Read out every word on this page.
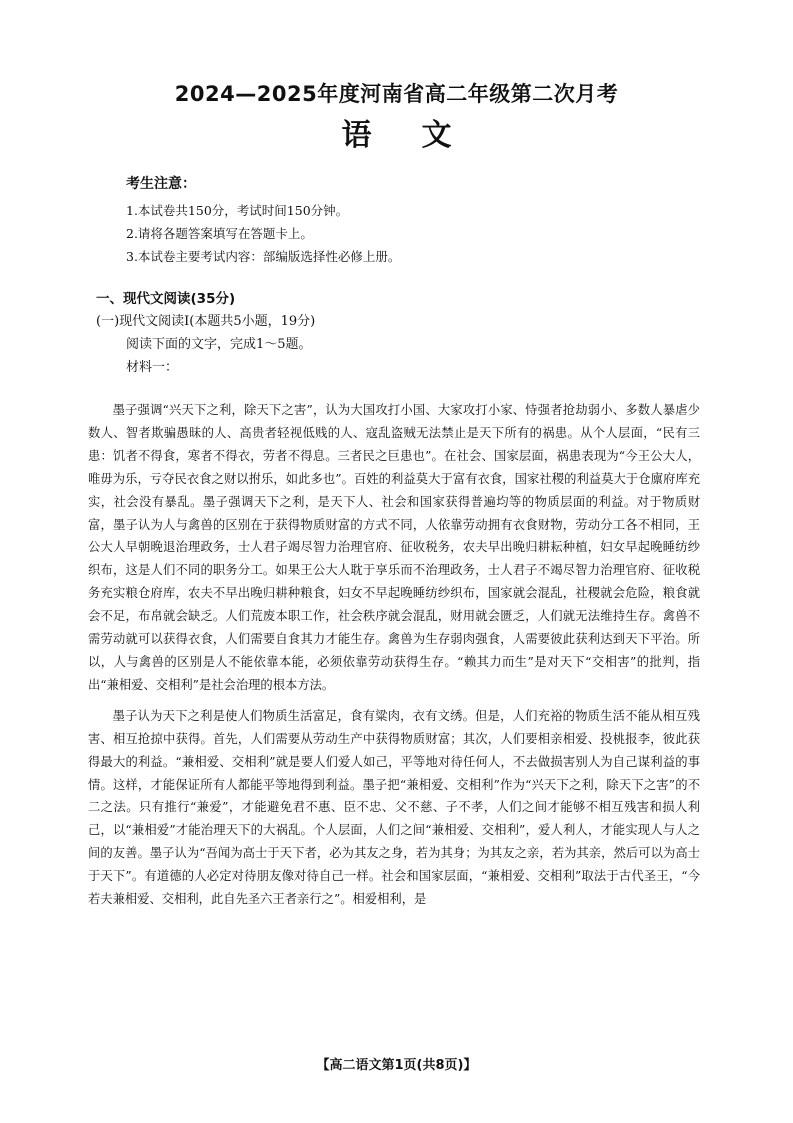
2024—2025年度河南省高二年级第二次月考
语文
考生注意：
1.本试卷共150分，考试时间150分钟。
2.请将各题答案填写在答题卡上。
3.本试卷主要考试内容：部编版选择性必修上册。
一、现代文阅读(35分)
(一)现代文阅读Ⅰ(本题共5小题，19分)
阅读下面的文字，完成1～5题。
材料一：

墨子强调“兴天下之利，除天下之害”，认为大国攻打小国、大家攻打小家、恃强者抢劫弱小、多数人暴虐少数人、智者欺骗愚昧的人、高贵者轻视低贱的人、寇乱盗贼无法禁止是天下所有的祸患。从个人层面，“民有三患：饥者不得食，寒者不得衣，劳者不得息。三者民之巨患也”。在社会、国家层面，祸患表现为“今王公大人，唯毋为乐，亏夺民衣食之财以拊乐，如此多也”。百姓的利益莫大于富有衣食，国家社稷的利益莫大于仓廪府库充实，社会没有暴乱。墨子强调天下之利，是天下人、社会和国家获得普遍均等的物质层面的利益。对于物质财富，墨子认为人与禽兽的区别在于获得物质财富的方式不同，人依靠劳动拥有衣食财物，劳动分工各不相同，王公大人早朝晚退治理政务，士人君子竭尽智力治理官府、征收税务，农夫早出晚归耕耘种植，妇女早起晚睡纺纱织布，这是人们不同的职务分工。如果王公大人耽于享乐而不治理政务，士人君子不竭尽智力治理官府、征收税务充实粮仓府库，农夫不早出晚归耕种粮食，妇女不早起晚睡纺纱织布，国家就会混乱，社稷就会危险，粮食就会不足，布帛就会缺乏。人们荒废本职工作，社会秩序就会混乱，财用就会匮乏，人们就无法维持生存。禽兽不需劳动就可以获得衣食，人们需要自食其力才能生存。禽兽为生存弱肉强食，人需要彼此获利达到天下平治。所以，人与禽兽的区别是人不能依靠本能，必须依靠劳动获得生存。“赖其力而生”是对天下“交相害”的批判，指出“兼相爱、交相利”是社会治理的根本方法。

墨子认为天下之利是使人们物质生活富足，食有粱肉，衣有文绣。但是，人们充裕的物质生活不能从相互残害、相互抢掠中获得。首先，人们需要从劳动生产中获得物质财富；其次，人们要相亲相爱、投桃报李，彼此获得最大的利益。“兼相爱、交相利”就是要人们爱人如己，平等地对待任何人，不去做损害别人为自己谋利益的事情。这样，才能保证所有人都能平等地得到利益。墨子把“兼相爱、交相利”作为“兴天下之利，除天下之害”的不二之法。只有推行“兼爱”，才能避免君不惠、臣不忠、父不慈、子不孝，人们之间才能够不相互残害和损人利己，以“兼相爱”才能治理天下的大祸乱。个人层面，人们之间“兼相爱、交相利”，爱人利人，才能实现人与人之间的友善。墨子认为“吾闻为高士于天下者，必为其友之身，若为其身；为其友之亲，若为其亲，然后可以为高士于天下”。有道德的人必定对待朋友像对待自己一样。社会和国家层面，“兼相爱、交相利”取法于古代圣王，“今若夫兼相爱、交相利，此自先圣六王者亲行之”。相爱相利，是

【高二语文第1页(共8页)】
